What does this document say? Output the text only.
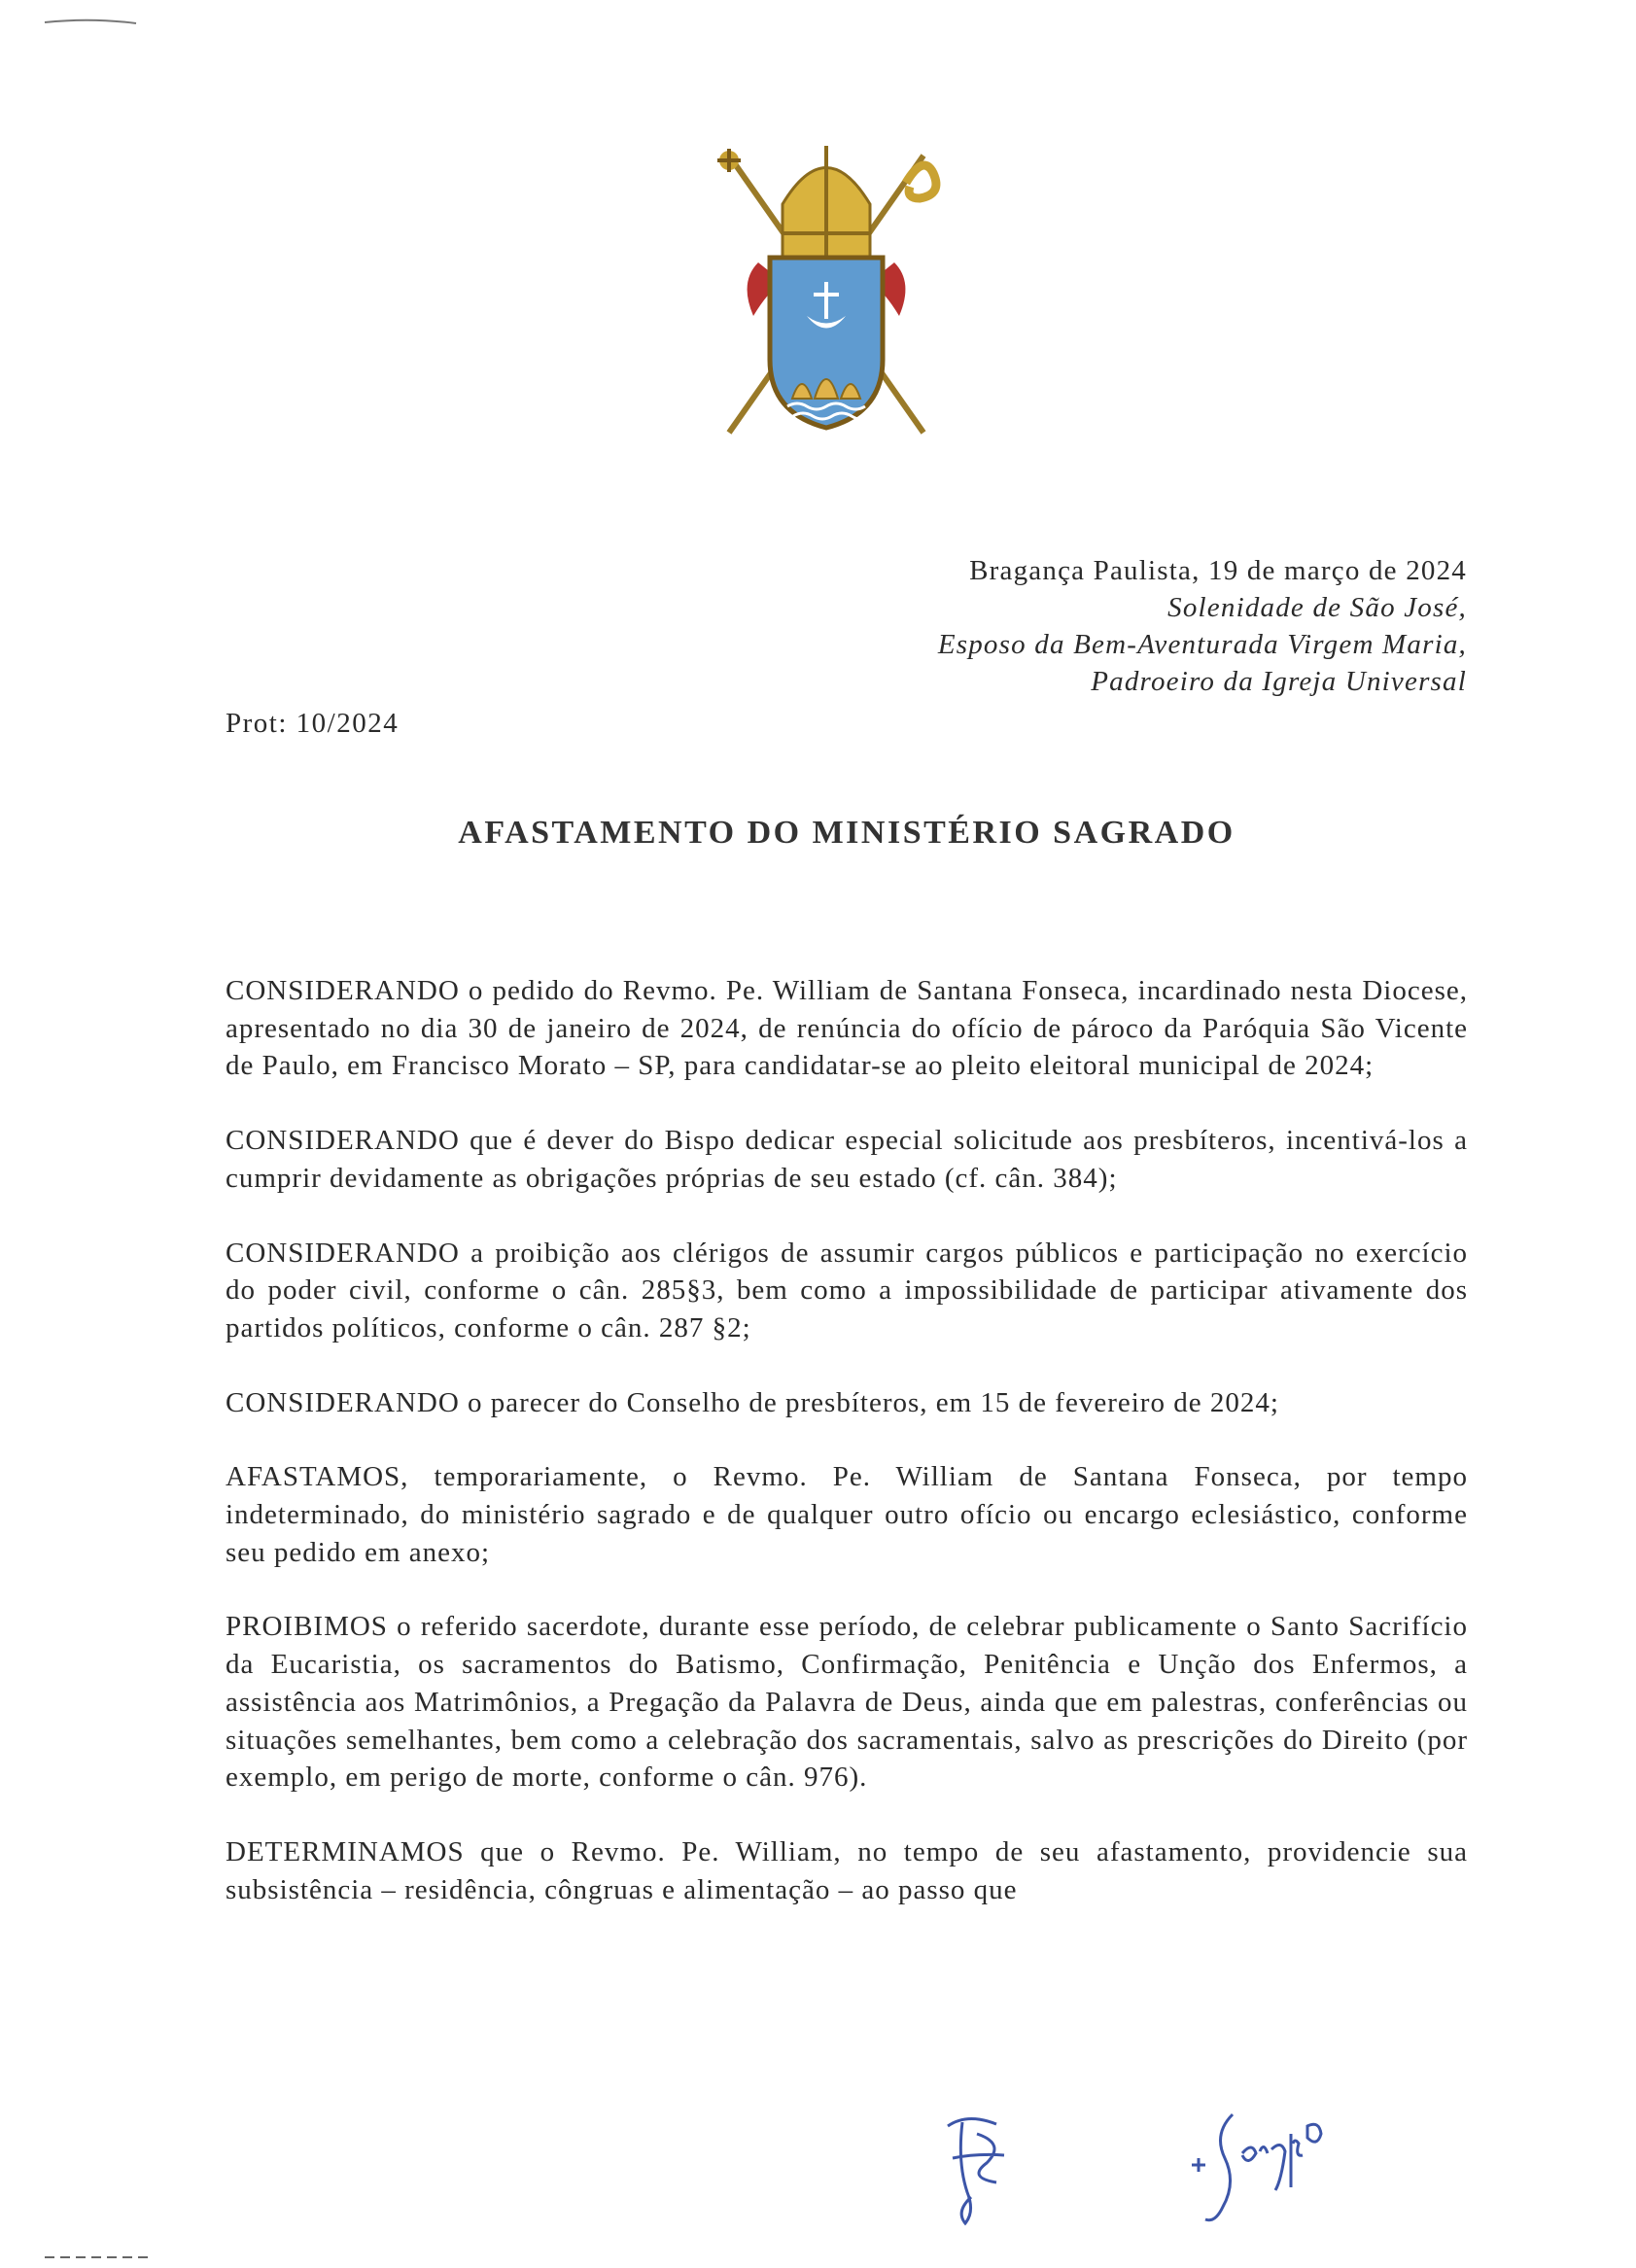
Bragança Paulista, 19 de março de 2024
Solenidade de São José,
Esposo da Bem-Aventurada Virgem Maria,
Padroeiro da Igreja Universal
Prot: 10/2024
AFASTAMENTO DO MINISTÉRIO SAGRADO

CONSIDERANDO o pedido do Revmo. Pe. William de Santana Fonseca, incardinado nesta Diocese, apresentado no dia 30 de janeiro de 2024, de renúncia do ofício de pároco da Paróquia São Vicente de Paulo, em Francisco Morato – SP, para candidatar-se ao pleito eleitoral municipal de 2024;

CONSIDERANDO que é dever do Bispo dedicar especial solicitude aos presbíteros, incentivá-los a cumprir devidamente as obrigações próprias de seu estado (cf. cân. 384);

CONSIDERANDO a proibição aos clérigos de assumir cargos públicos e participação no exercício do poder civil, conforme o cân. 285§3, bem como a impossibilidade de participar ativamente dos partidos políticos, conforme o cân. 287 §2;

CONSIDERANDO o parecer do Conselho de presbíteros, em 15 de fevereiro de 2024;

AFASTAMOS, temporariamente, o Revmo. Pe. William de Santana Fonseca, por tempo indeterminado, do ministério sagrado e de qualquer outro ofício ou encargo eclesiástico, conforme seu pedido em anexo;

PROIBIMOS o referido sacerdote, durante esse período, de celebrar publicamente o Santo Sacrifício da Eucaristia, os sacramentos do Batismo, Confirmação, Penitência e Unção dos Enfermos, a assistência aos Matrimônios, a Pregação da Palavra de Deus, ainda que em palestras, conferências ou situações semelhantes, bem como a celebração dos sacramentais, salvo as prescrições do Direito (por exemplo, em perigo de morte, conforme o cân. 976).

DETERMINAMOS que o Revmo. Pe. William, no tempo de seu afastamento, providencie sua subsistência – residência, côngruas e alimentação – ao passo que
